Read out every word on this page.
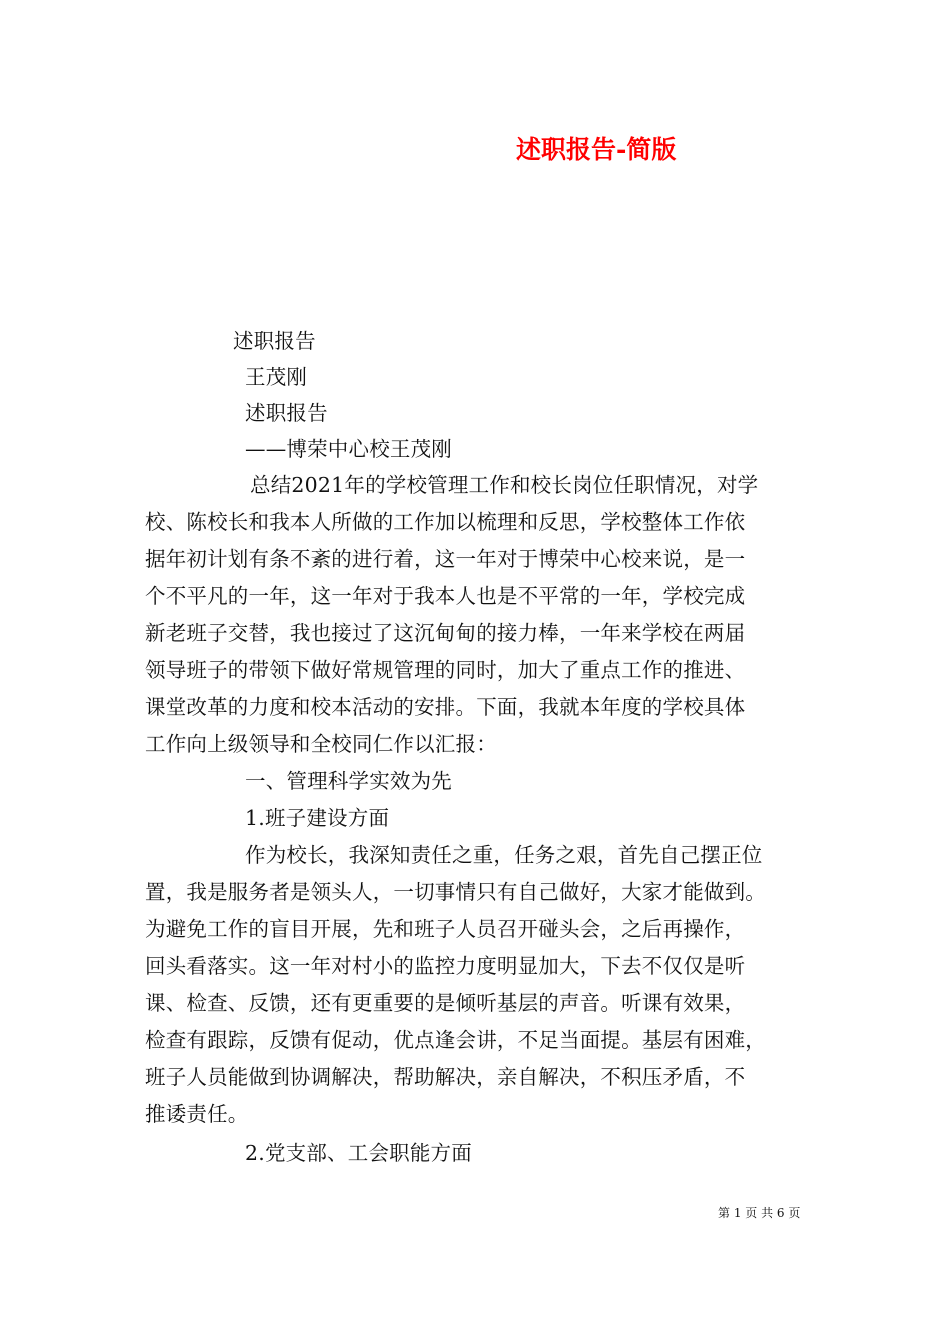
述职报告-简版
述职报告
王茂刚
述职报告
——博荣中心校王茂刚
总结2021年的学校管理工作和校长岗位任职情况，对学
校、陈校长和我本人所做的工作加以梳理和反思，学校整体工作依
据年初计划有条不紊的进行着，这一年对于博荣中心校来说，是一
个不平凡的一年，这一年对于我本人也是不平常的一年，学校完成
新老班子交替，我也接过了这沉甸甸的接力棒，一年来学校在两届
领导班子的带领下做好常规管理的同时，加大了重点工作的推进、
课堂改革的力度和校本活动的安排。下面，我就本年度的学校具体
工作向上级领导和全校同仁作以汇报：
一、管理科学实效为先
1.班子建设方面
作为校长，我深知责任之重，任务之艰，首先自己摆正位
置，我是服务者是领头人，一切事情只有自己做好，大家才能做到。
为避免工作的盲目开展，先和班子人员召开碰头会，之后再操作，
回头看落实。这一年对村小的监控力度明显加大，下去不仅仅是听
课、检查、反馈，还有更重要的是倾听基层的声音。听课有效果，
检查有跟踪，反馈有促动，优点逢会讲，不足当面提。基层有困难，
班子人员能做到协调解决，帮助解决，亲自解决，不积压矛盾，不
推诿责任。
2.党支部、工会职能方面
第 1 页 共 6 页
